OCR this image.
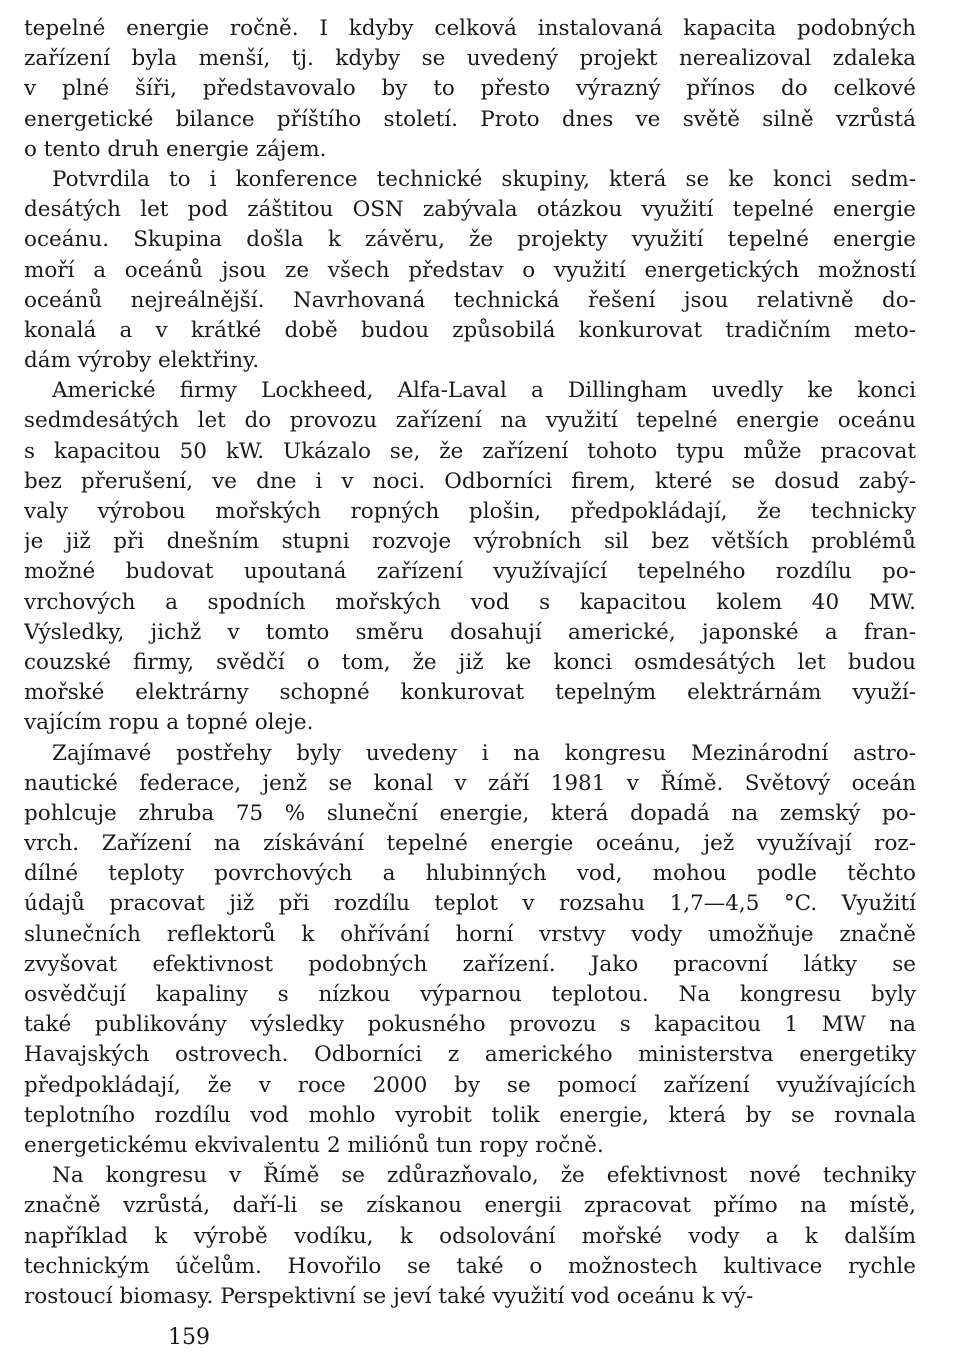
tepelné energie ročně. I kdyby celková instalovaná kapacita podobných
zařízení byla menší, tj. kdyby se uvedený projekt nerealizoval zdaleka
v plné šíři, představovalo by to přesto výrazný přínos do celkové
energetické bilance příštího století. Proto dnes ve světě silně vzrůstá
o tento druh energie zájem.
Potvrdila to i konference technické skupiny, která se ke konci sedm-
desátých let pod záštitou OSN zabývala otázkou využití tepelné energie
oceánu. Skupina došla k závěru, že projekty využití tepelné energie
moří a oceánů jsou ze všech představ o využití energetických možností
oceánů nejreálnější. Navrhovaná technická řešení jsou relativně do-
konalá a v krátké době budou způsobilá konkurovat tradičním meto-
dám výroby elektřiny.
Americké firmy Lockheed, Alfa-Laval a Dillingham uvedly ke konci
sedmdesátých let do provozu zařízení na využití tepelné energie oceánu
s kapacitou 50 kW. Ukázalo se, že zařízení tohoto typu může pracovat
bez přerušení, ve dne i v noci. Odborníci firem, které se dosud zabý-
valy výrobou mořských ropných plošin, předpokládají, že technicky
je již při dnešním stupni rozvoje výrobních sil bez větších problémů
možné budovat upoutaná zařízení využívající tepelného rozdílu po-
vrchových a spodních mořských vod s kapacitou kolem 40 MW.
Výsledky, jichž v tomto směru dosahují americké, japonské a fran-
couzské firmy, svědčí o tom, že již ke konci osmdesátých let budou
mořské elektrárny schopné konkurovat tepelným elektrárnám využí-
vajícím ropu a topné oleje.
Zajímavé postřehy byly uvedeny i na kongresu Mezinárodní astro-
nautické federace, jenž se konal v září 1981 v Římě. Světový oceán
pohlcuje zhruba 75 % sluneční energie, která dopadá na zemský po-
vrch. Zařízení na získávání tepelné energie oceánu, jež využívají roz-
dílné teploty povrchových a hlubinných vod, mohou podle těchto
údajů pracovat již při rozdílu teplot v rozsahu 1,7—4,5 °C. Využití
slunečních reflektorů k ohřívání horní vrstvy vody umožňuje značně
zvyšovat efektivnost podobných zařízení. Jako pracovní látky se
osvědčují kapaliny s nízkou výparnou teplotou. Na kongresu byly
také publikovány výsledky pokusného provozu s kapacitou 1 MW na
Havajských ostrovech. Odborníci z amerického ministerstva energetiky
předpokládají, že v roce 2000 by se pomocí zařízení využívajících
teplotního rozdílu vod mohlo vyrobit tolik energie, která by se rovnala
energetickému ekvivalentu 2 miliónů tun ropy ročně.
Na kongresu v Římě se zdůrazňovalo, že efektivnost nové techniky
značně vzrůstá, daří-li se získanou energii zpracovat přímo na místě,
například k výrobě vodíku, k odsolování mořské vody a k dalším
technickým účelům. Hovořilo se také o možnostech kultivace rychle
rostoucí biomasy. Perspektivní se jeví také využití vod oceánu k vý-
159
